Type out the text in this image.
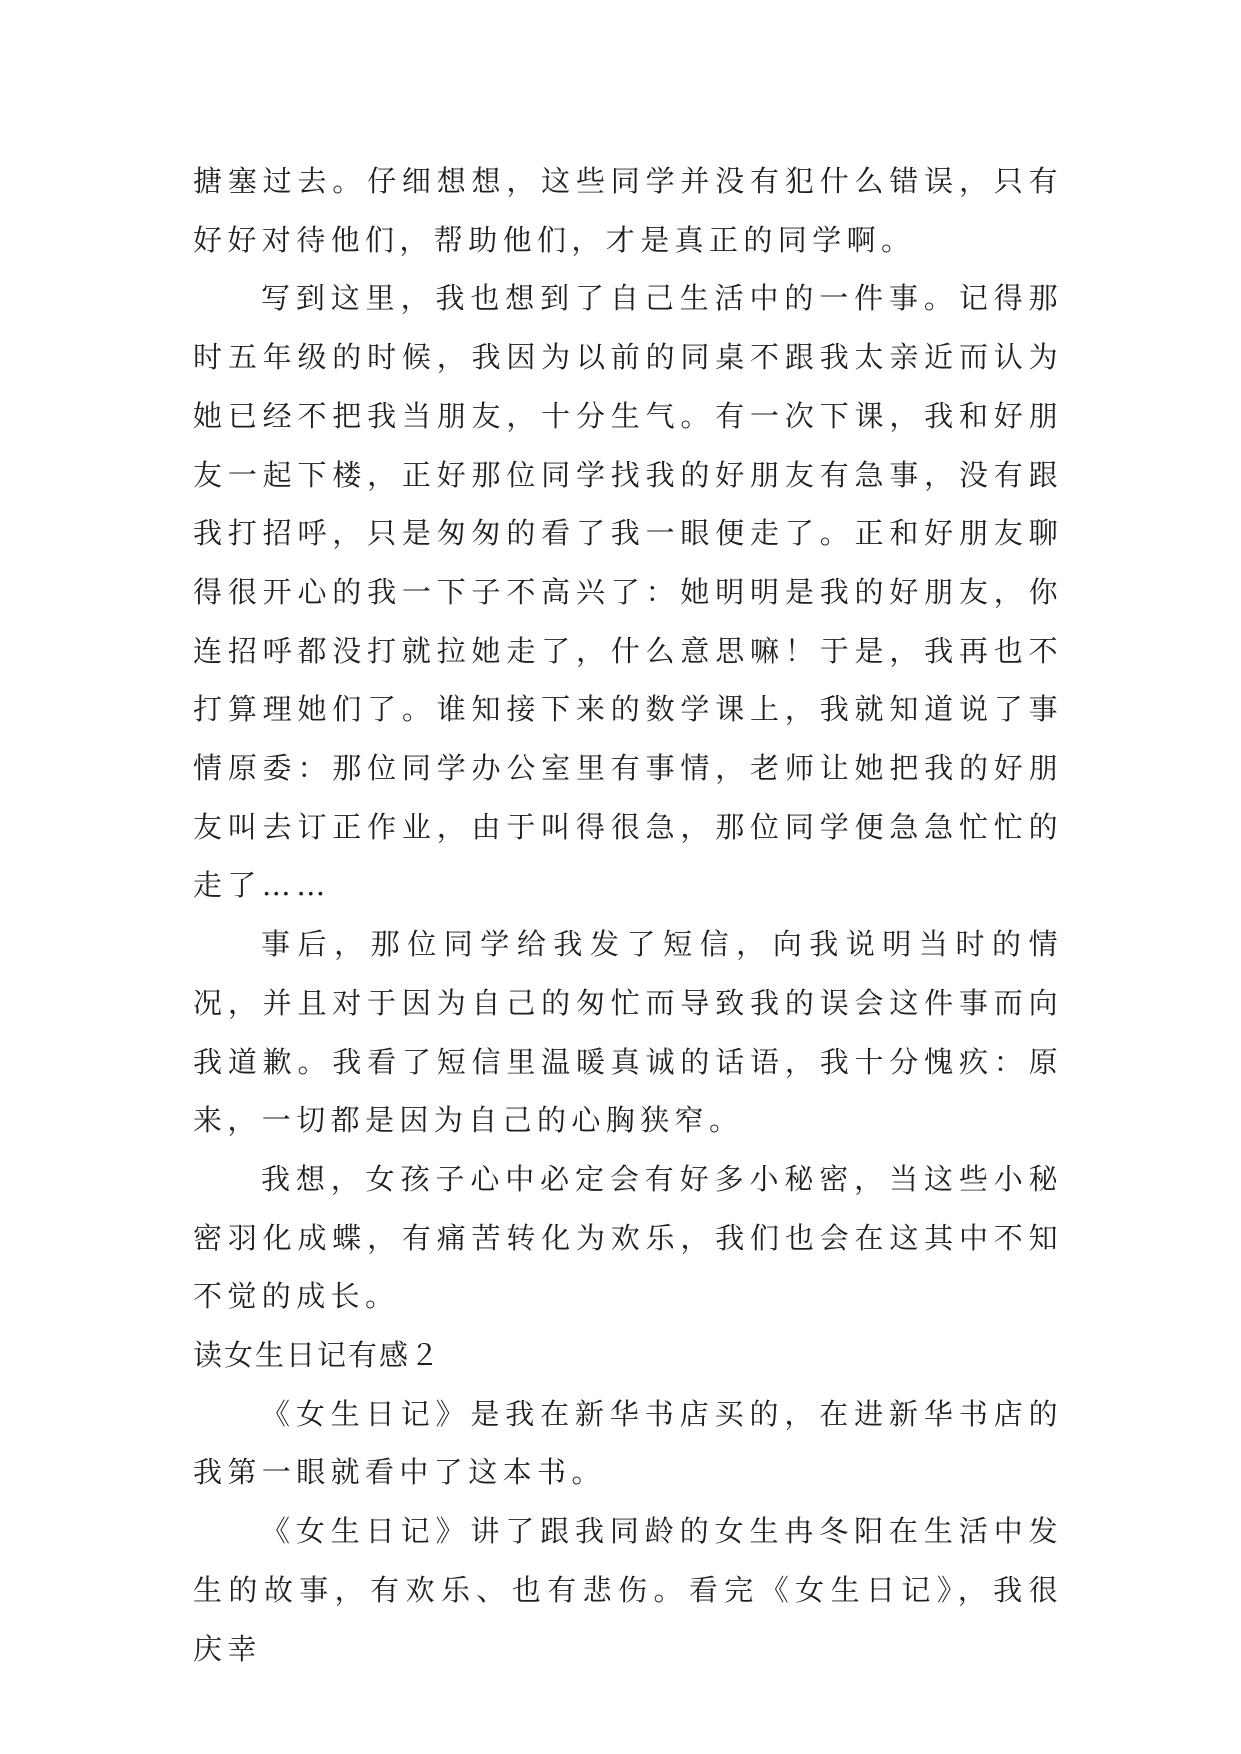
搪塞过去。仔细想想，这些同学并没有犯什么错误，只有好好对待他们，帮助他们，才是真正的同学啊。

写到这里，我也想到了自己生活中的一件事。记得那时五年级的时候，我因为以前的同桌不跟我太亲近而认为她已经不把我当朋友，十分生气。有一次下课，我和好朋友一起下楼，正好那位同学找我的好朋友有急事，没有跟我打招呼，只是匆匆的看了我一眼便走了。正和好朋友聊得很开心的我一下子不高兴了：她明明是我的好朋友，你连招呼都没打就拉她走了，什么意思嘛！于是，我再也不打算理她们了。谁知接下来的数学课上，我就知道说了事情原委：那位同学办公室里有事情，老师让她把我的好朋友叫去订正作业，由于叫得很急，那位同学便急急忙忙的走了……

事后，那位同学给我发了短信，向我说明当时的情况，并且对于因为自己的匆忙而导致我的误会这件事而向我道歉。我看了短信里温暖真诚的话语，我十分愧疚：原来，一切都是因为自己的心胸狭窄。

我想，女孩子心中必定会有好多小秘密，当这些小秘密羽化成蝶，有痛苦转化为欢乐，我们也会在这其中不知不觉的成长。

读女生日记有感２

《女生日记》是我在新华书店买的，在进新华书店的我第一眼就看中了这本书。

《女生日记》讲了跟我同龄的女生冉冬阳在生活中发生的故事，有欢乐、也有悲伤。看完《女生日记》，我很庆幸
